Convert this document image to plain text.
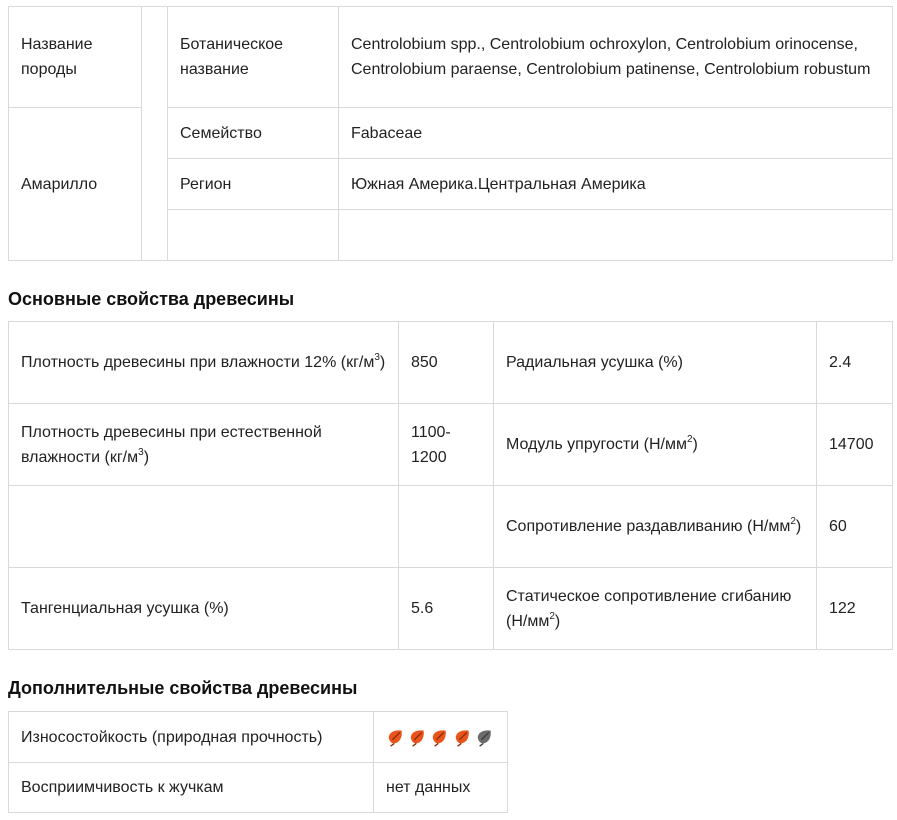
Название породы		Ботаническое название	Centrolobium spp., Centrolobium ochroxylon, Centrolobium orinocense, Centrolobium paraense, Centrolobium patinense, Centrolobium robustum
Амарилло		Семейство	Fabaceae
		Регион	Южная Америка.Центральная Америка

Основные свойства древесины
Плотность древесины при влажности 12% $(кг/м^3)$	850	Радиальная усушка (%)	2.4
Плотность древесины при естественной влажности $(кг/м^3)$	1100-1200	Модуль упругости $(Н/мм^2)$	14700
		Сопротивление раздавливанию $(Н/мм^2)$	60
Тангенциальная усушка (%)	5.6	Статическое сопротивление сгибанию $(Н/мм^2)$	122
Дополнительные свойства древесины
Износостойкость (природная прочность)	

Восприимчивость к жучкам	нет данных
